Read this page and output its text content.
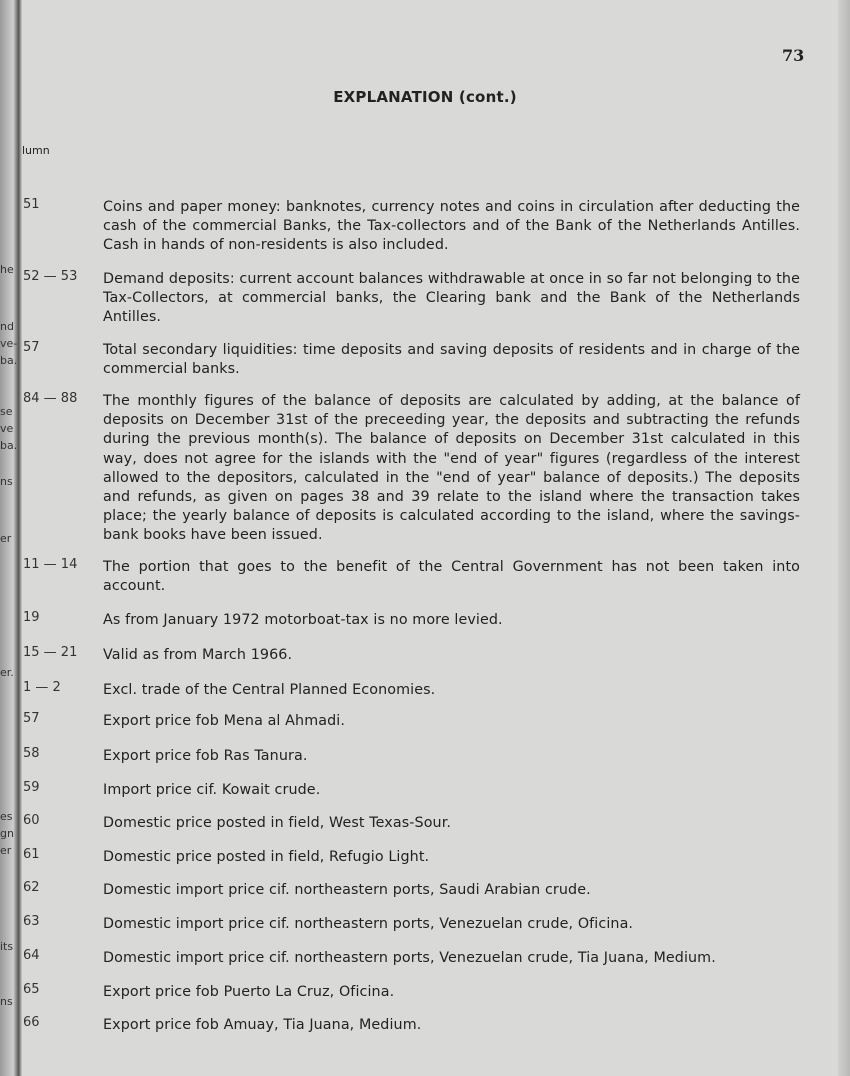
he
nd
ve-
ba.
se
ve
ba.
ns
er
er.
es
gn
er
its
ns
73
EXPLANATION (cont.)
lumn
51	Coins and paper money: banknotes, currency notes and coins in circulation after deducting the cash of the commercial Banks, the Tax-collectors and of the Bank of the Netherlands Antilles. Cash in hands of non-residents is also included.
52 — 53	Demand deposits: current account balances withdrawable at once in so far not belonging to the Tax-Collectors, at commercial banks, the Clearing bank and the Bank of the Netherlands Antilles.
57	Total secondary liquidities: time deposits and saving deposits of residents and in charge of the commercial banks.
84 — 88	The monthly figures of the balance of deposits are calculated by adding, at the balance of deposits on December 31st of the preceeding year, the deposits and subtracting the refunds during the previous month(s). The balance of deposits on December 31st calculated in this way, does not agree for the islands with the "end of year" figures (regardless of the interest allowed to the depositors, calculated in the "end of year" balance of deposits.) The deposits and refunds, as given on pages 38 and 39 relate to the island where the transaction takes place; the yearly balance of deposits is calculated according to the island, where the savings-bank books have been issued.
11 — 14	The portion that goes to the benefit of the Central Government has not been taken into account.
19	As from January 1972 motorboat-tax is no more levied.
15 — 21	Valid as from March 1966.
1 — 2	Excl. trade of the Central Planned Economies.
57	Export price fob Mena al Ahmadi.
58	Export price fob Ras Tanura.
59	Import price cif. Kowait crude.
60	Domestic price posted in field, West Texas-Sour.
61	Domestic price posted in field, Refugio Light.
62	Domestic import price cif. northeastern ports, Saudi Arabian crude.
63	Domestic import price cif. northeastern ports, Venezuelan crude, Oficina.
64	Domestic import price cif. northeastern ports, Venezuelan crude, Tia Juana, Medium.
65	Export price fob Puerto La Cruz, Oficina.
66	Export price fob Amuay, Tia Juana, Medium.
